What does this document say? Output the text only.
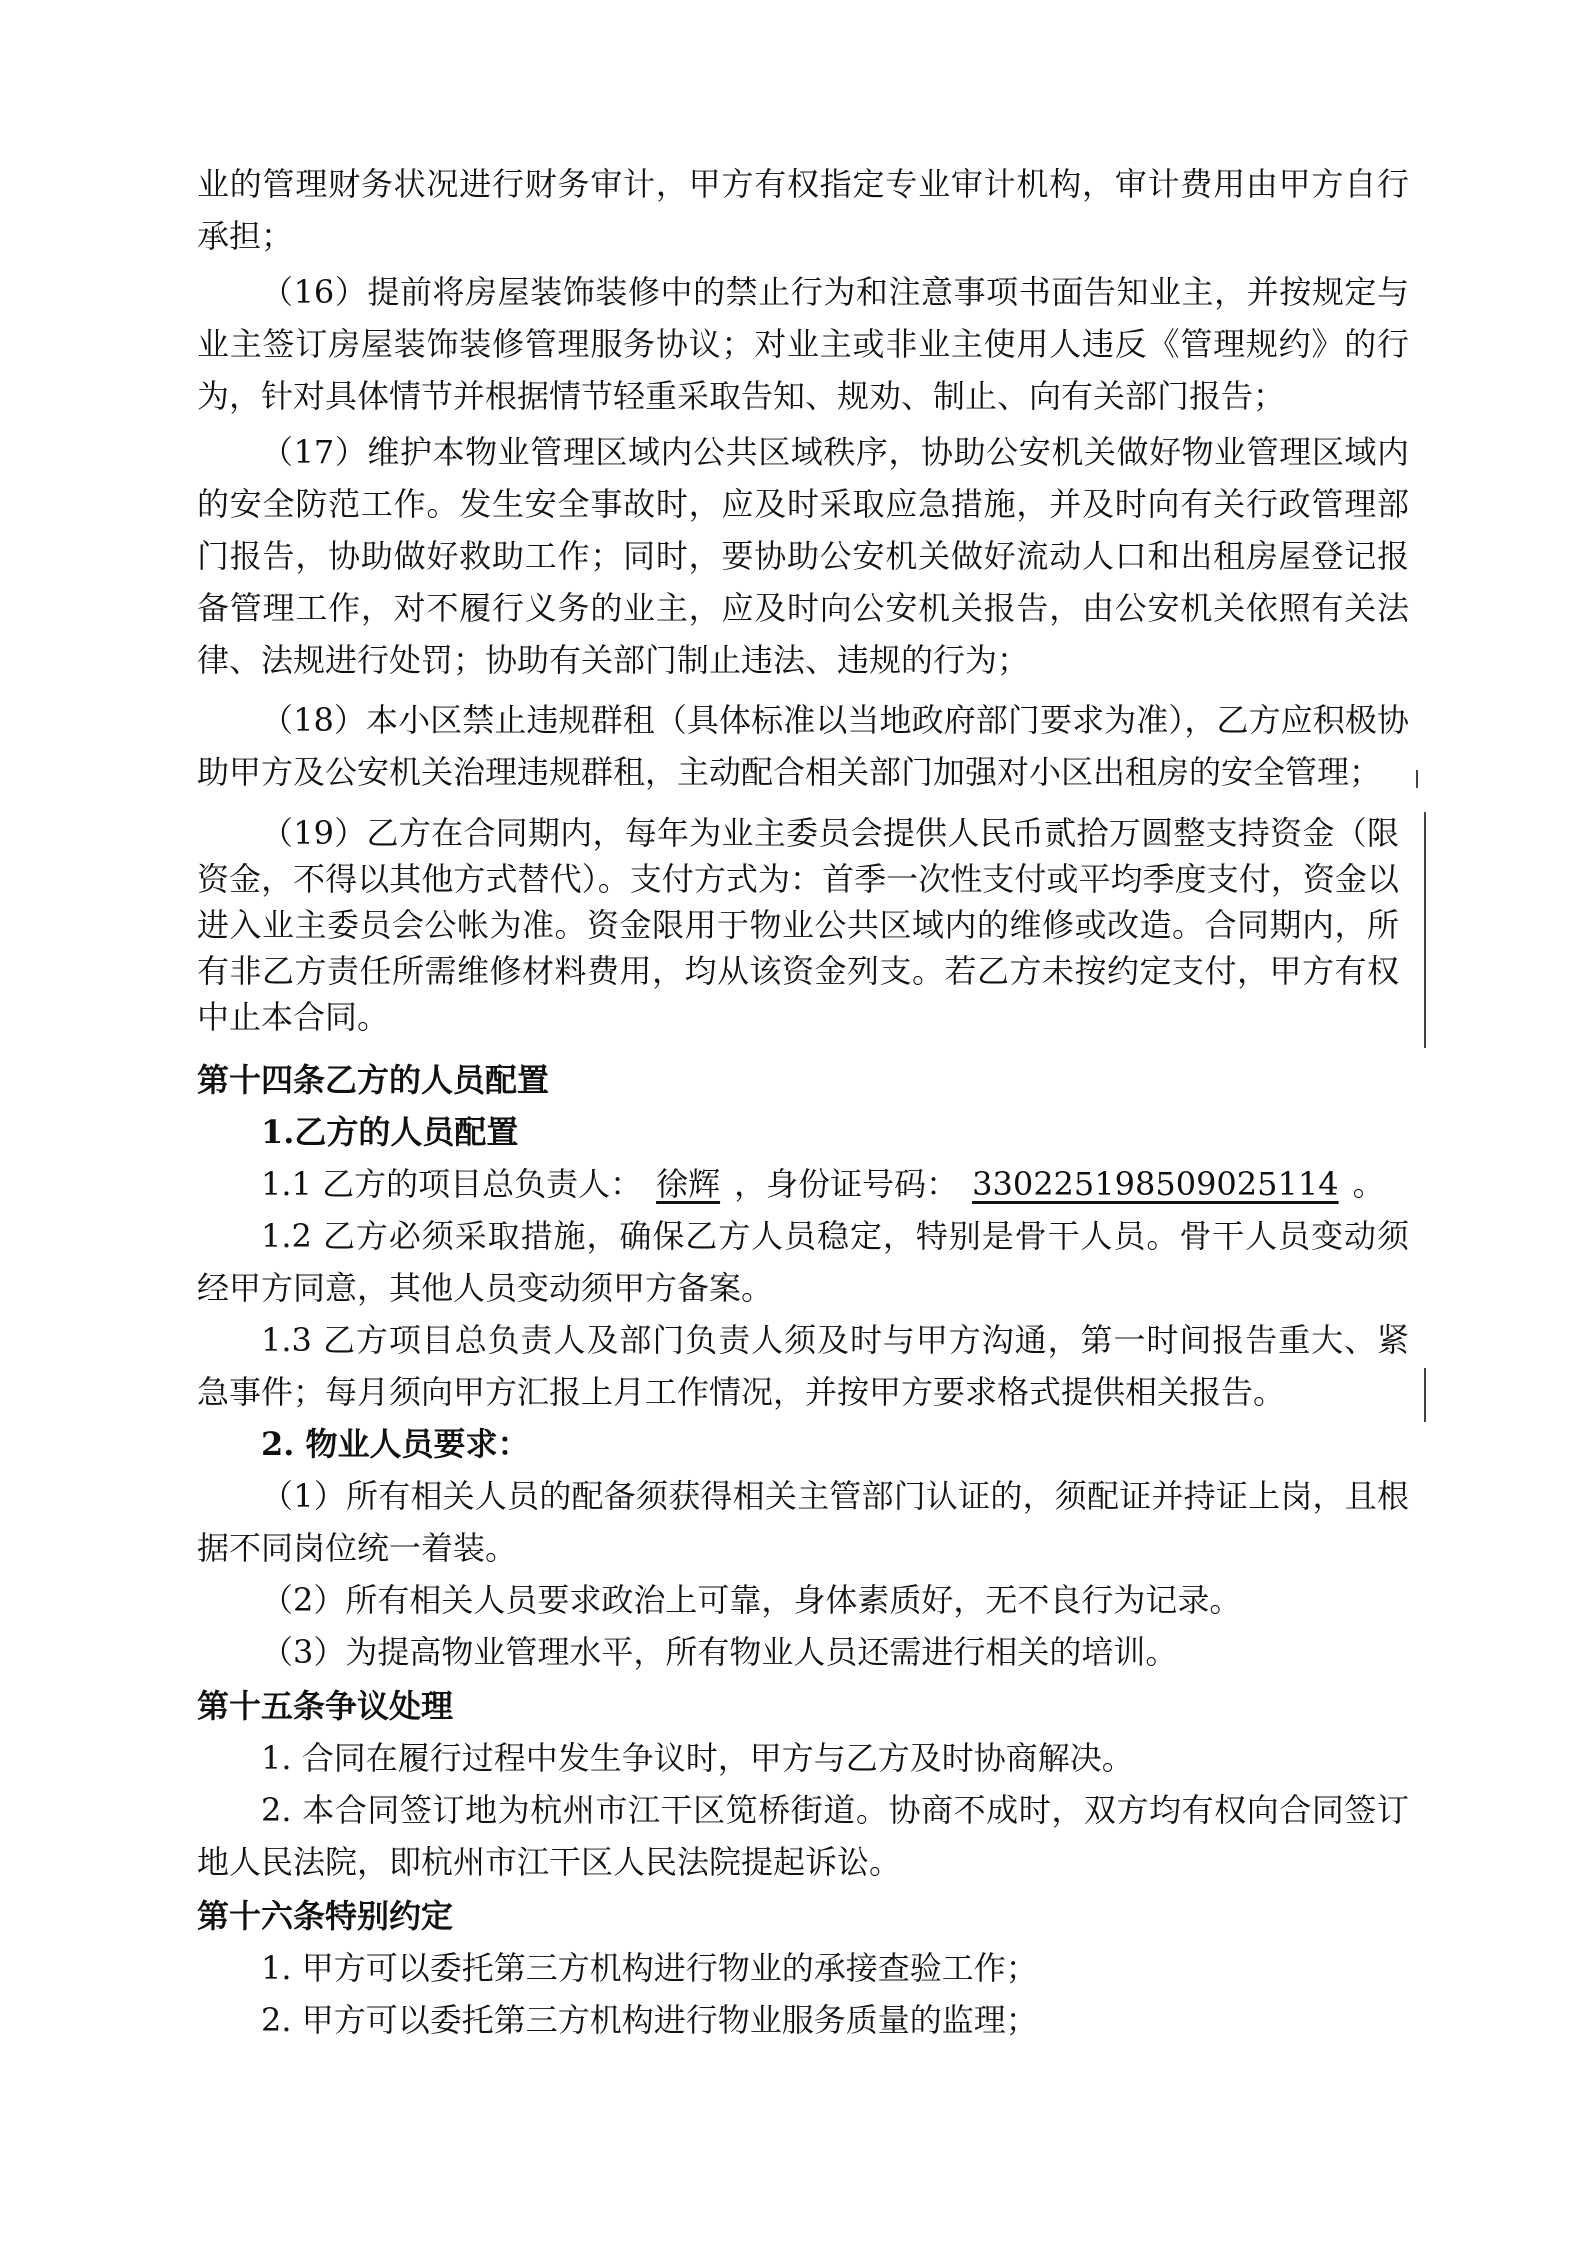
业的管理财务状况进行财务审计，甲方有权指定专业审计机构，审计费用由甲方自行承担；

（16）提前将房屋装饰装修中的禁止行为和注意事项书面告知业主，并按规定与业主签订房屋装饰装修管理服务协议；对业主或非业主使用人违反《管理规约》的行为，针对具体情节并根据情节轻重采取告知、规劝、制止、向有关部门报告；

（17）维护本物业管理区域内公共区域秩序，协助公安机关做好物业管理区域内的安全防范工作。发生安全事故时，应及时采取应急措施，并及时向有关行政管理部门报告，协助做好救助工作；同时，要协助公安机关做好流动人口和出租房屋登记报备管理工作，对不履行义务的业主，应及时向公安机关报告，由公安机关依照有关法律、法规进行处罚；协助有关部门制止违法、违规的行为；

（18）本小区禁止违规群租（具体标准以当地政府部门要求为准），乙方应积极协助甲方及公安机关治理违规群租，主动配合相关部门加强对小区出租房的安全管理；

（19）乙方在合同期内，每年为业主委员会提供人民币贰拾万圆整支持资金（限资金，不得以其他方式替代）。支付方式为：首季一次性支付或平均季度支付，资金以进入业主委员会公帐为准。资金限用于物业公共区域内的维修或改造。合同期内，所有非乙方责任所需维修材料费用，均从该资金列支。若乙方未按约定支付，甲方有权中止本合同。

第十四条乙方的人员配置

1.乙方的人员配置

1.1 乙方的项目总负责人： 徐辉 ，身份证号码： 330225198509025114 。

1.2 乙方必须采取措施，确保乙方人员稳定，特别是骨干人员。骨干人员变动须经甲方同意，其他人员变动须甲方备案。

1.3 乙方项目总负责人及部门负责人须及时与甲方沟通，第一时间报告重大、紧急事件；每月须向甲方汇报上月工作情况，并按甲方要求格式提供相关报告。

2. 物业人员要求：

（1）所有相关人员的配备须获得相关主管部门认证的，须配证并持证上岗，且根据不同岗位统一着装。

（2）所有相关人员要求政治上可靠，身体素质好，无不良行为记录。

（3）为提高物业管理水平，所有物业人员还需进行相关的培训。

第十五条争议处理

1. 合同在履行过程中发生争议时，甲方与乙方及时协商解决。

2. 本合同签订地为杭州市江干区笕桥街道。协商不成时，双方均有权向合同签订地人民法院，即杭州市江干区人民法院提起诉讼。

第十六条特别约定

1. 甲方可以委托第三方机构进行物业的承接查验工作；

2. 甲方可以委托第三方机构进行物业服务质量的监理；
